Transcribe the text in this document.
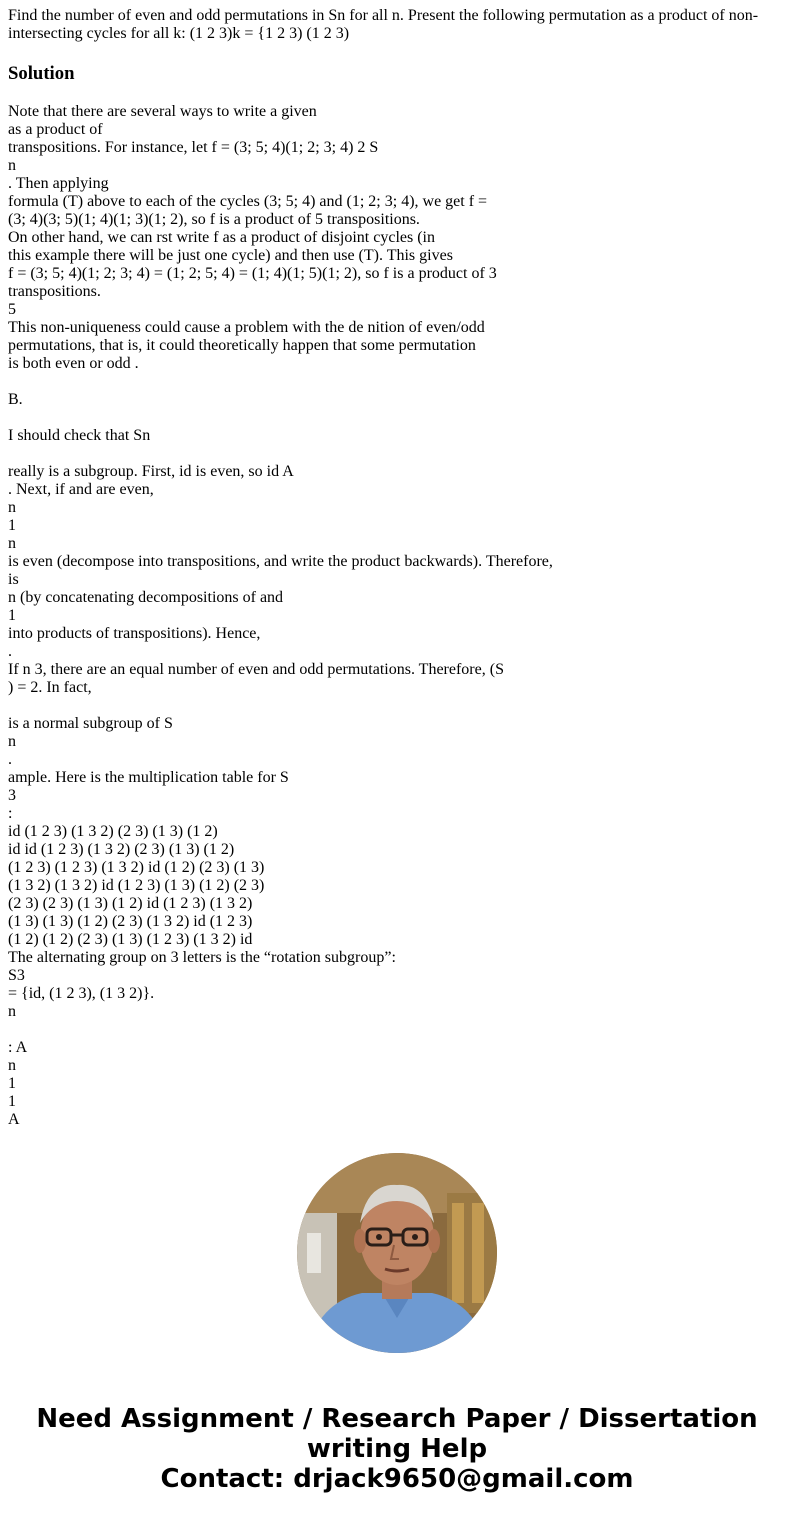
Find the number of even and odd permutations in Sn for all n. Present the following permutation as a product of non-intersecting cycles for all k: (1 2 3)k = {1 2 3) (1 2 3)
Solution
Note that there are several ways to write a given
as a product of
transpositions. For instance, let f = (3; 5; 4)(1; 2; 3; 4) 2 S
n
. Then applying
formula (T) above to each of the cycles (3; 5; 4) and (1; 2; 3; 4), we get f =
(3; 4)(3; 5)(1; 4)(1; 3)(1; 2), so f is a product of 5 transpositions.
On other hand, we can rst write f as a product of disjoint cycles (in
this example there will be just one cycle) and then use (T). This gives
f = (3; 5; 4)(1; 2; 3; 4) = (1; 2; 5; 4) = (1; 4)(1; 5)(1; 2), so f is a product of 3
transpositions.
5
This non-uniqueness could cause a problem with the de nition of even/odd
permutations, that is, it could theoretically happen that some permutation
is both even or odd .
B.
I should check that Sn
really is a subgroup. First, id is even, so id A
. Next, if and are even,
n
1
n
is even (decompose into transpositions, and write the product backwards). Therefore,
is
n (by concatenating decompositions of and
1
into products of transpositions). Hence,
.
If n 3, there are an equal number of even and odd permutations. Therefore, (S
) = 2. In fact,
is a normal subgroup of S
n
.
ample. Here is the multiplication table for S
3
:
id (1 2 3) (1 3 2) (2 3) (1 3) (1 2)
id id (1 2 3) (1 3 2) (2 3) (1 3) (1 2)
(1 2 3) (1 2 3) (1 3 2) id (1 2) (2 3) (1 3)
(1 3 2) (1 3 2) id (1 2 3) (1 3) (1 2) (2 3)
(2 3) (2 3) (1 3) (1 2) id (1 2 3) (1 3 2)
(1 3) (1 3) (1 2) (2 3) (1 3 2) id (1 2 3)
(1 2) (1 2) (2 3) (1 3) (1 2 3) (1 3 2) id
The alternating group on 3 letters is the “rotation subgroup”:
S3
= {id, (1 2 3), (1 3 2)}.
n
: A
n
1
1
A
Need Assignment / Research Paper / Dissertation
writing Help
Contact: drjack9650@gmail.com
